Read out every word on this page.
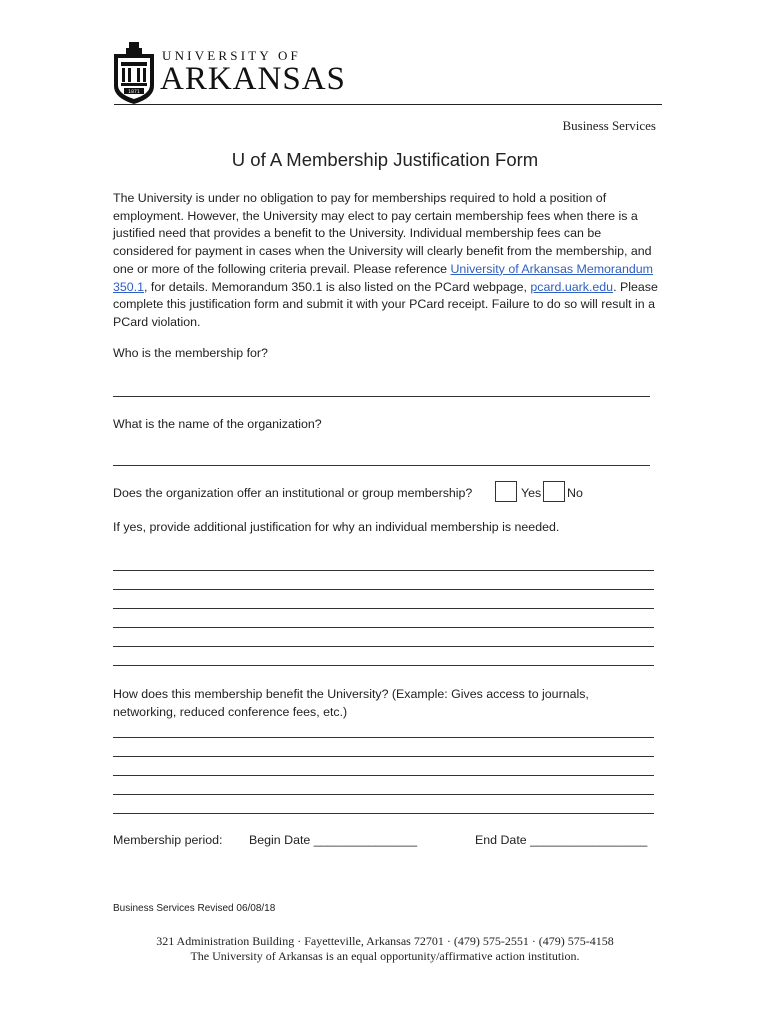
1871
UNIVERSITY OF
ARKANSAS
Business Services
U of A Membership Justification Form

The University is under no obligation to pay for memberships required to hold a position of employment. However, the University may elect to pay certain membership fees when there is a justified need that provides a benefit to the University. Individual membership fees can be considered for payment in cases when the University will clearly benefit from the membership, and one or more of the following criteria prevail. Please reference University of Arkansas Memorandum 350.1, for details. Memorandum 350.1 is also listed on the PCard webpage, pcard.uark.edu. Please complete this justification form and submit it with your PCard receipt. Failure to do so will result in a PCard violation.

Who is the membership for?
What is the name of the organization?
Does the organization offer an institutional or group membership?	Yes No
If yes, provide additional justification for why an individual membership is needed.
How does this membership benefit the University? (Example: Gives access to journals, networking, reduced conference fees, etc.)
Membership period: Begin Date _______________	End Date _________________
Business Services Revised 06/08/18
321 Administration Building · Fayetteville, Arkansas 72701 · (479) 575-2551 · (479) 575-4158
The University of Arkansas is an equal opportunity/affirmative action institution.
